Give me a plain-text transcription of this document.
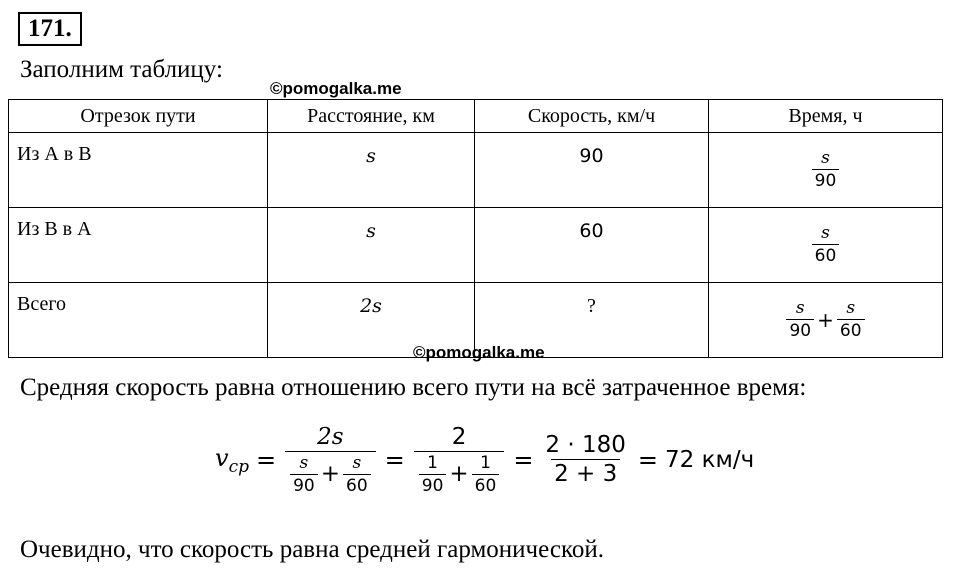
171.
Заполним таблицу:
©pomogalka.me
Отрезок пути	Расстояние, км	Скорость, км/ч	Время, ч
Из А в В	s	90	$\frac{s}{90}$

Из В в А	s	60	$\frac{s}{60}$

Всего	2s	?	$\frac{s}{90} + \frac{s}{60}$
©pomogalka.me
Средняя скорость равна отношению всего пути на всё затраченное время:
$v_{cp} = \frac{2s}{\frac{s}{90} + \frac{s}{60}} = \frac{2}{\frac{1}{90} + \frac{1}{60}} = \frac{2 \cdot 180}{2 + 3} = 72$ км/ч
Очевидно, что скорость равна средней гармонической.
